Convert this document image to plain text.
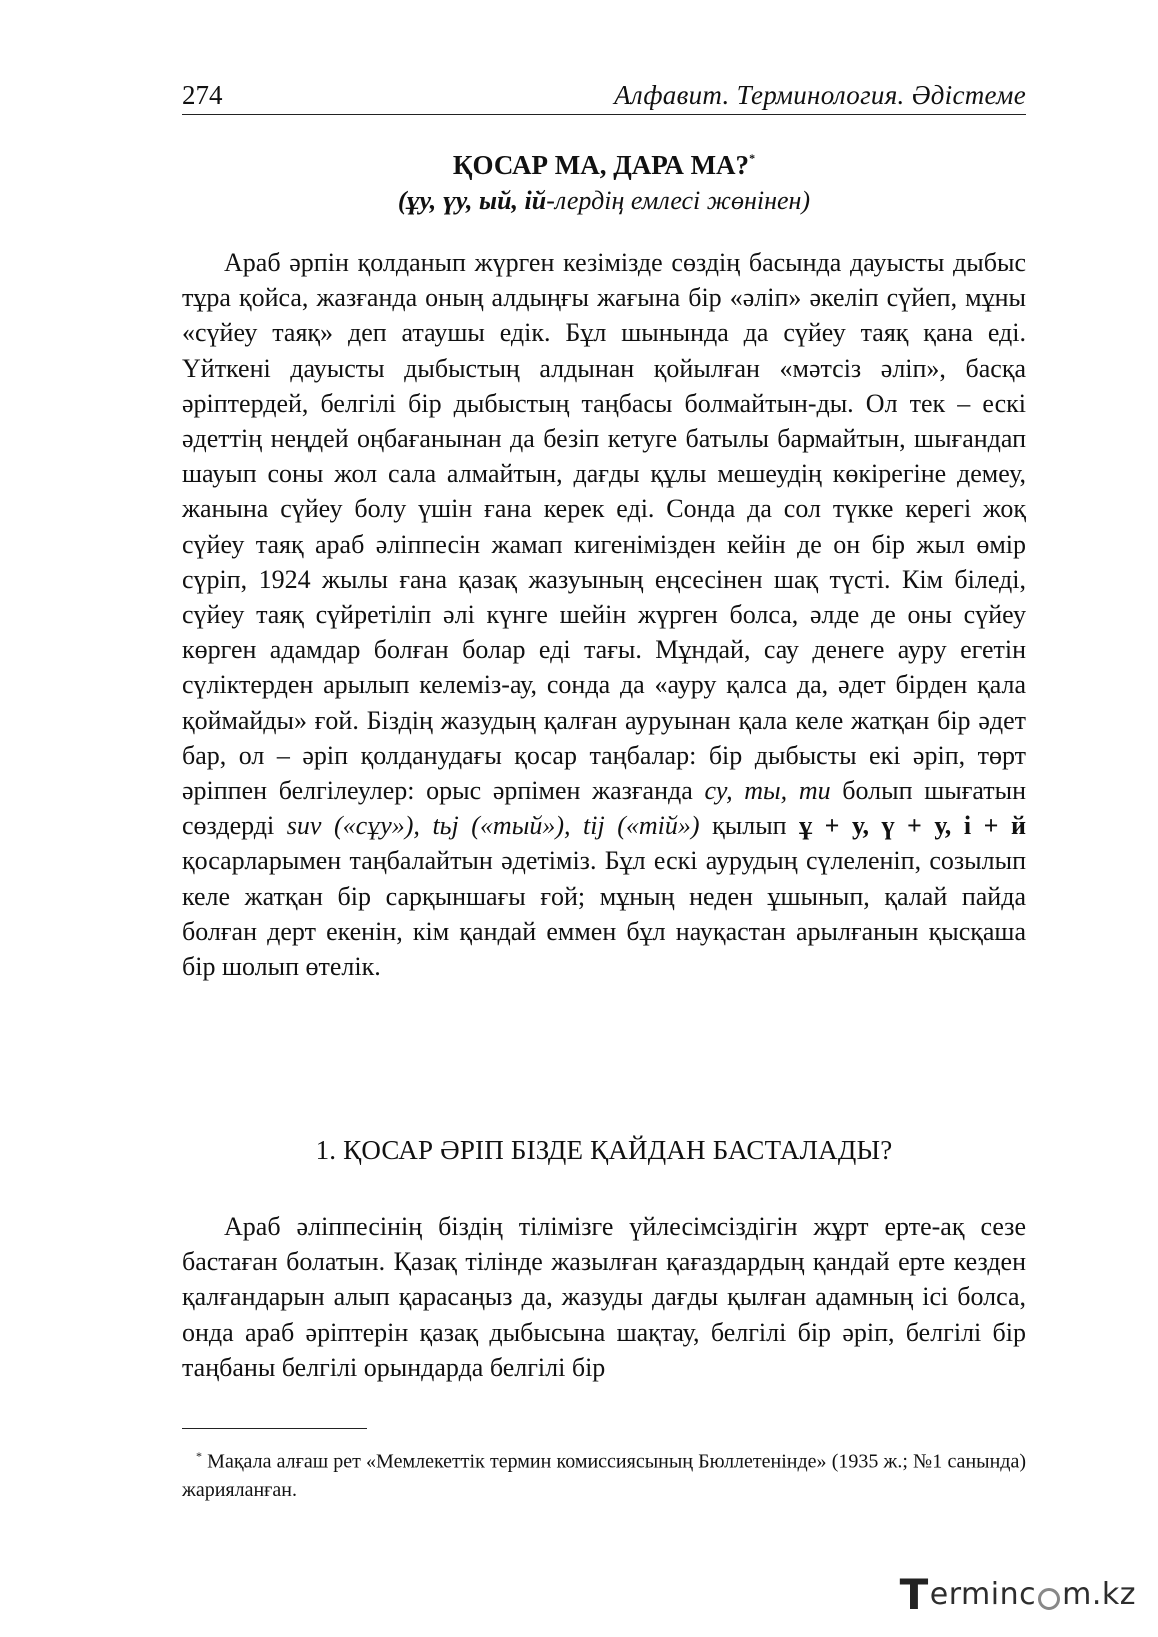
274	Алфавит. Терминология. Әдістеме
ҚОСАР МА, ДАРА МА?*
(ұу, үу, ый, ій-лердің емлесі жөнінен)

Араб әрпін қолданып жүрген кезімізде сөздің басында дауысты дыбыс тұра қойса, жазғанда оның алдыңғы жағына бір «әліп» әкеліп сүйеп, мұны «сүйеу таяқ» деп атаушы едік. Бұл шынында да сүйеу таяқ қана еді. Үйткені дауысты дыбыстың алдынан қойылған «мәтсіз әліп», басқа әріптердей, белгілі бір дыбыстың таңбасы болмайтын-ды. Ол тек – ескі әдеттің неңдей оңбағанынан да безіп кетуге батылы бармайтын, шығандап шауып соны жол сала алмайтын, дағды құлы мешеудің көкірегіне демеу, жанына сүйеу болу үшін ғана керек еді. Сонда да сол түкке керегі жоқ сүйеу таяқ араб әліппесін жамап кигенімізден кейін де он бір жыл өмір сүріп, 1924 жылы ғана қазақ жазуының еңсесінен шақ түсті. Кім біледі, сүйеу таяқ сүйретіліп әлі күнге шейін жүрген болса, әлде де оны сүйеу көрген адамдар болған болар еді тағы. Мұндай, сау денеге ауру егетін сүліктерден арылып келеміз-ау, сонда да «ауру қалса да, әдет бірден қала қоймайды» ғой. Біздің жазудың қалған ауруынан қала келе жатқан бір әдет бар, ол – әріп қолданудағы қосар таңбалар: бір дыбысты екі әріп, төрт әріппен белгілеулер: орыс әрпімен жазғанда су, ты, ти болып шығатын сөздерді suv («сұу»), tьj («тый»), tij («тій») қылып ұ + у, ү + у, і + й қосарларымен таңбалайтын әдетіміз. Бұл ескі аурудың сүлеленіп, созылып келе жатқан бір сарқыншағы ғой; мұның неден ұшынып, қалай пайда болған дерт екенін, кім қандай еммен бұл науқастан арылғанын қысқаша бір шолып өтелік.

1. ҚОСАР ӘРІП БІЗДЕ ҚАЙДАН БАСТАЛАДЫ?

Араб әліппесінің біздің тілімізге үйлесімсіздігін жұрт ерте-ақ сезе бастаған болатын. Қазақ тілінде жазылған қағаздардың қандай ерте кезден қалғандарын алып қарасаңыз да, жазуды дағды қылған адамның ісі болса, онда араб әріптерін қазақ дыбысына шақтау, белгілі бір әріп, белгілі бір таңбаны белгілі орындарда белгілі бір

* Мақала алғаш рет «Мемлекеттік термин комиссиясының Бюллетенінде» (1935 ж.; №1 санында) жарияланған.

T erminc m.kz
